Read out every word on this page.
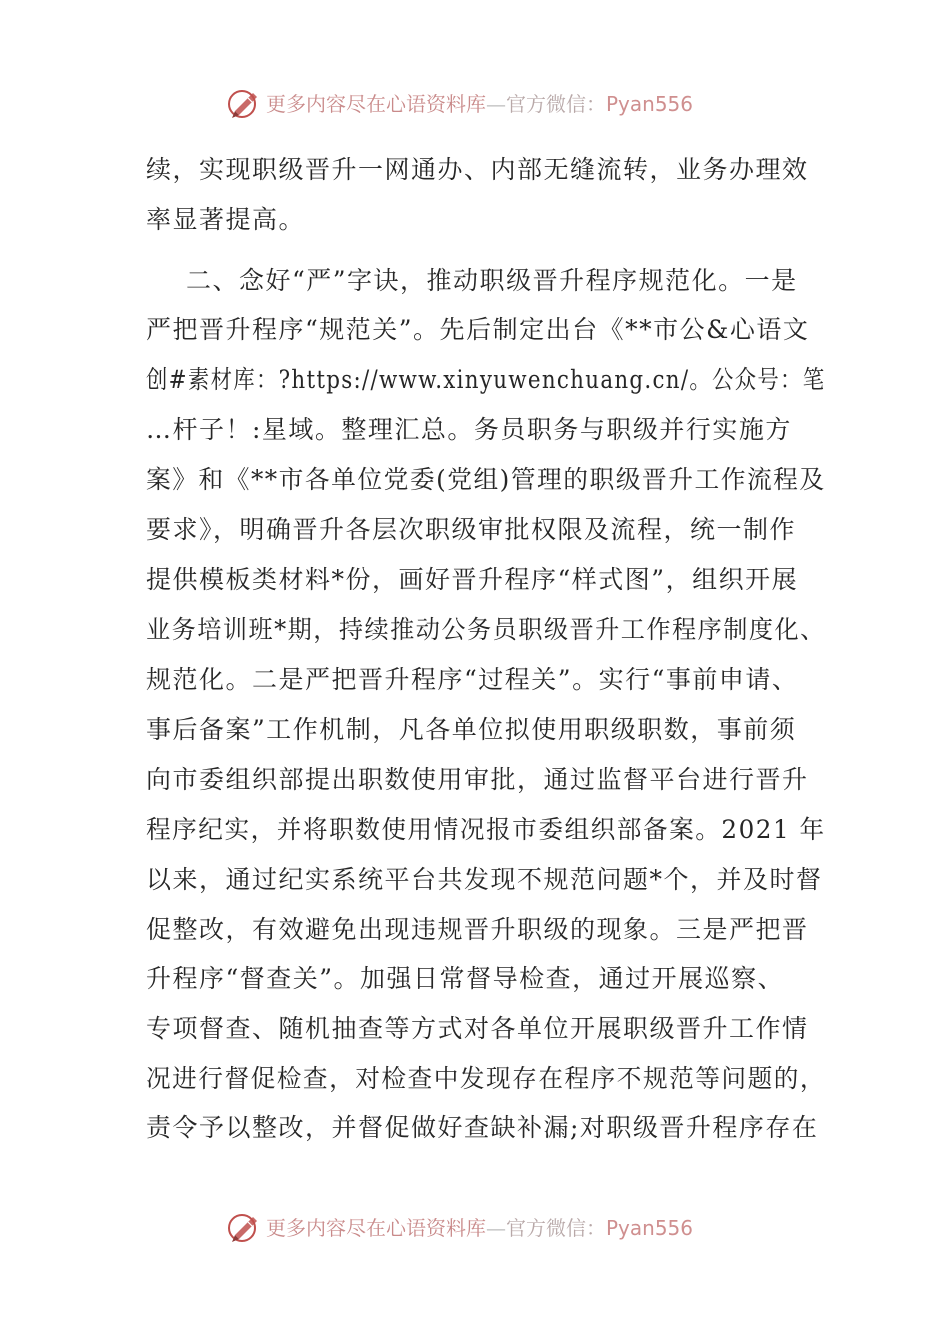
更多内容尽在心语资料库—官方微信：Pyan556
续，实现职级晋升一网通办、内部无缝流转，业务办理效
率显著提高。
二、念好“严”字诀，推动职级晋升程序规范化。一是
严把晋升程序“规范关”。先后制定出台《**市公&心语文
创#素材库：?https://www.xinyuwenchuang.cn/。公众号：笔
…杆子！:星域。整理汇总。务员职务与职级并行实施方
案》和《**市各单位党委(党组)管理的职级晋升工作流程及
要求》，明确晋升各层次职级审批权限及流程，统一制作
提供模板类材料*份，画好晋升程序“样式图”，组织开展
业务培训班*期，持续推动公务员职级晋升工作程序制度化、
规范化。二是严把晋升程序“过程关”。实行“事前申请、
事后备案”工作机制，凡各单位拟使用职级职数，事前须
向市委组织部提出职数使用审批，通过监督平台进行晋升
程序纪实，并将职数使用情况报市委组织部备案。2021 年
以来，通过纪实系统平台共发现不规范问题*个，并及时督
促整改，有效避免出现违规晋升职级的现象。三是严把晋
升程序“督查关”。加强日常督导检查，通过开展巡察、
专项督查、随机抽查等方式对各单位开展职级晋升工作情
况进行督促检查，对检查中发现存在程序不规范等问题的，
责令予以整改，并督促做好查缺补漏;对职级晋升程序存在
更多内容尽在心语资料库—官方微信：Pyan556
